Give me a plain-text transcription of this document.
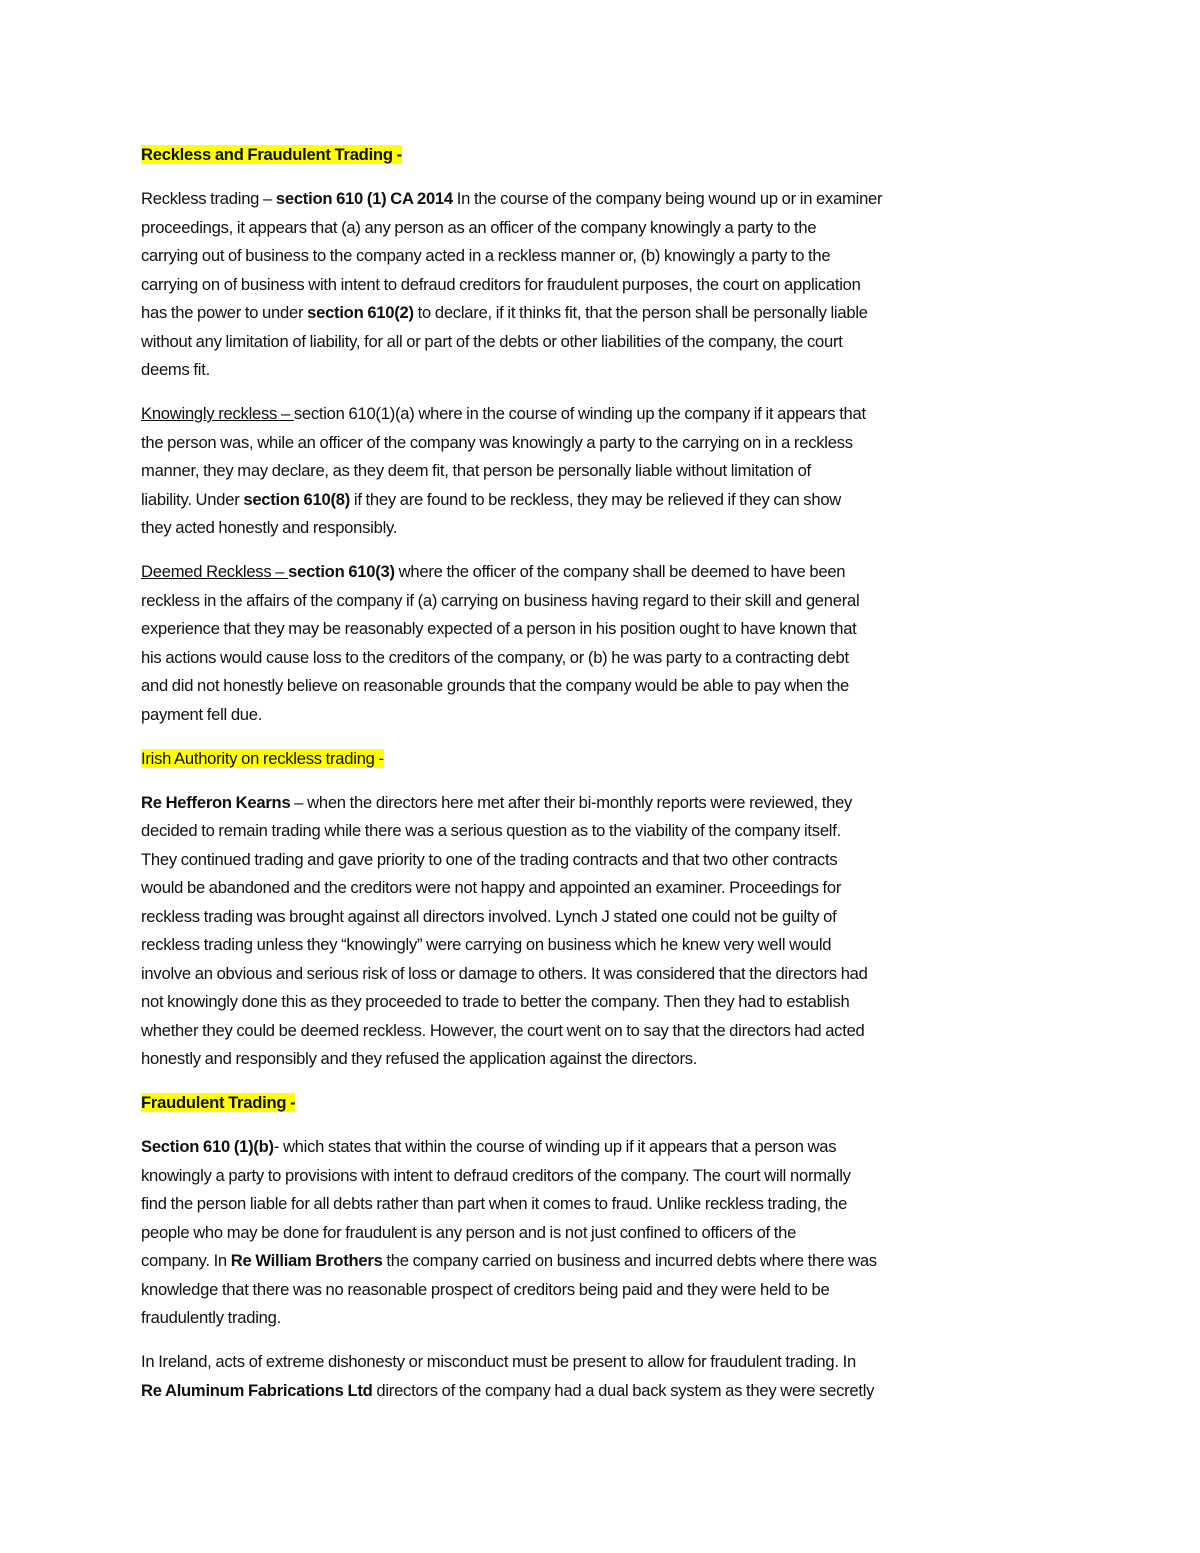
Reckless and Fraudulent Trading -
Reckless trading – section 610 (1) CA 2014 In the course of the company being wound up or in examiner
proceedings, it appears that (a) any person as an officer of the company knowingly a party to the
carrying out of business to the company acted in a reckless manner or, (b) knowingly a party to the
carrying on of business with intent to defraud creditors for fraudulent purposes, the court on application
has the power to under section 610(2) to declare, if it thinks fit, that the person shall be personally liable
without any limitation of liability, for all or part of the debts or other liabilities of the company, the court
deems fit.
Knowingly reckless – section 610(1)(a) where in the course of winding up the company if it appears that
the person was, while an officer of the company was knowingly a party to the carrying on in a reckless
manner, they may declare, as they deem fit, that person be personally liable without limitation of
liability. Under section 610(8) if they are found to be reckless, they may be relieved if they can show
they acted honestly and responsibly.
Deemed Reckless – section 610(3) where the officer of the company shall be deemed to have been
reckless in the affairs of the company if (a) carrying on business having regard to their skill and general
experience that they may be reasonably expected of a person in his position ought to have known that
his actions would cause loss to the creditors of the company, or (b) he was party to a contracting debt
and did not honestly believe on reasonable grounds that the company would be able to pay when the
payment fell due.
Irish Authority on reckless trading -
Re Hefferon Kearns – when the directors here met after their bi-monthly reports were reviewed, they
decided to remain trading while there was a serious question as to the viability of the company itself.
They continued trading and gave priority to one of the trading contracts and that two other contracts
would be abandoned and the creditors were not happy and appointed an examiner. Proceedings for
reckless trading was brought against all directors involved. Lynch J stated one could not be guilty of
reckless trading unless they “knowingly” were carrying on business which he knew very well would
involve an obvious and serious risk of loss or damage to others. It was considered that the directors had
not knowingly done this as they proceeded to trade to better the company. Then they had to establish
whether they could be deemed reckless. However, the court went on to say that the directors had acted
honestly and responsibly and they refused the application against the directors.
Fraudulent Trading -
Section 610 (1)(b)- which states that within the course of winding up if it appears that a person was
knowingly a party to provisions with intent to defraud creditors of the company. The court will normally
find the person liable for all debts rather than part when it comes to fraud. Unlike reckless trading, the
people who may be done for fraudulent is any person and is not just confined to officers of the
company. In Re William Brothers the company carried on business and incurred debts where there was
knowledge that there was no reasonable prospect of creditors being paid and they were held to be
fraudulently trading.
In Ireland, acts of extreme dishonesty or misconduct must be present to allow for fraudulent trading. In
Re Aluminum Fabrications Ltd directors of the company had a dual back system as they were secretly
